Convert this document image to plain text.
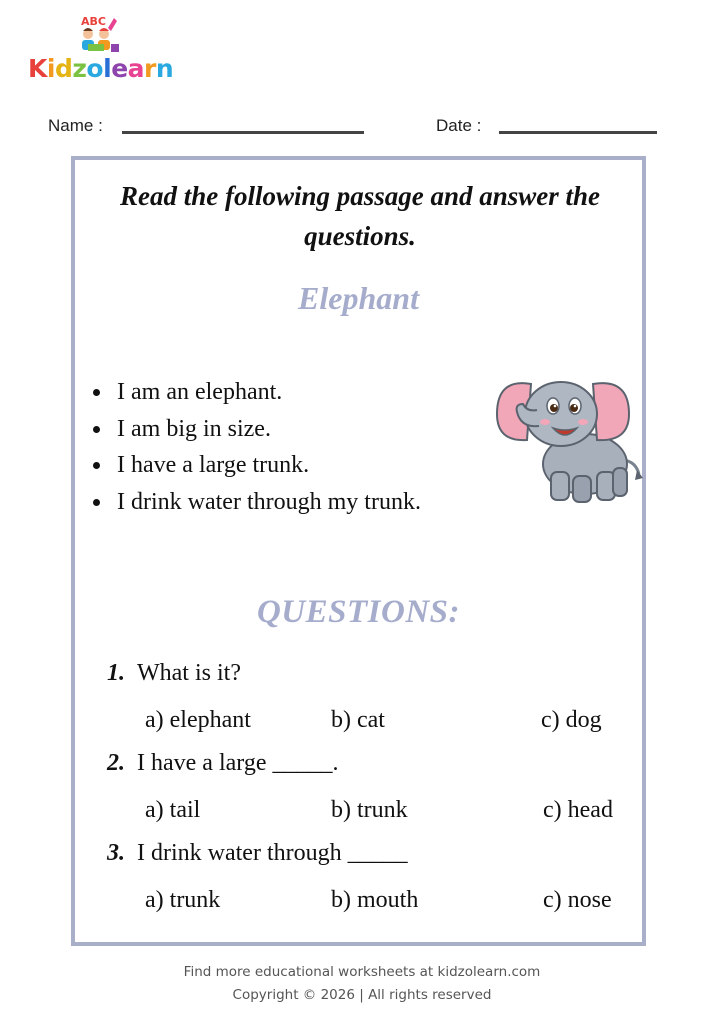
ABC
Kidzolearn
Name :	Date :
Read the following passage and answer the questions.
Elephant
I am an elephant.
I am big in size.
I have a large trunk.
I drink water through my trunk.
QUESTIONS:
1. What is it?
a) elephant	b) cat	c) dog
2. I have a large _____.
a) tail	b) trunk	c) head
3. I drink water through _____
a) trunk	b) mouth	c) nose
Find more educational worksheets at kidzolearn.com
Copyright © 2026 | All rights reserved
